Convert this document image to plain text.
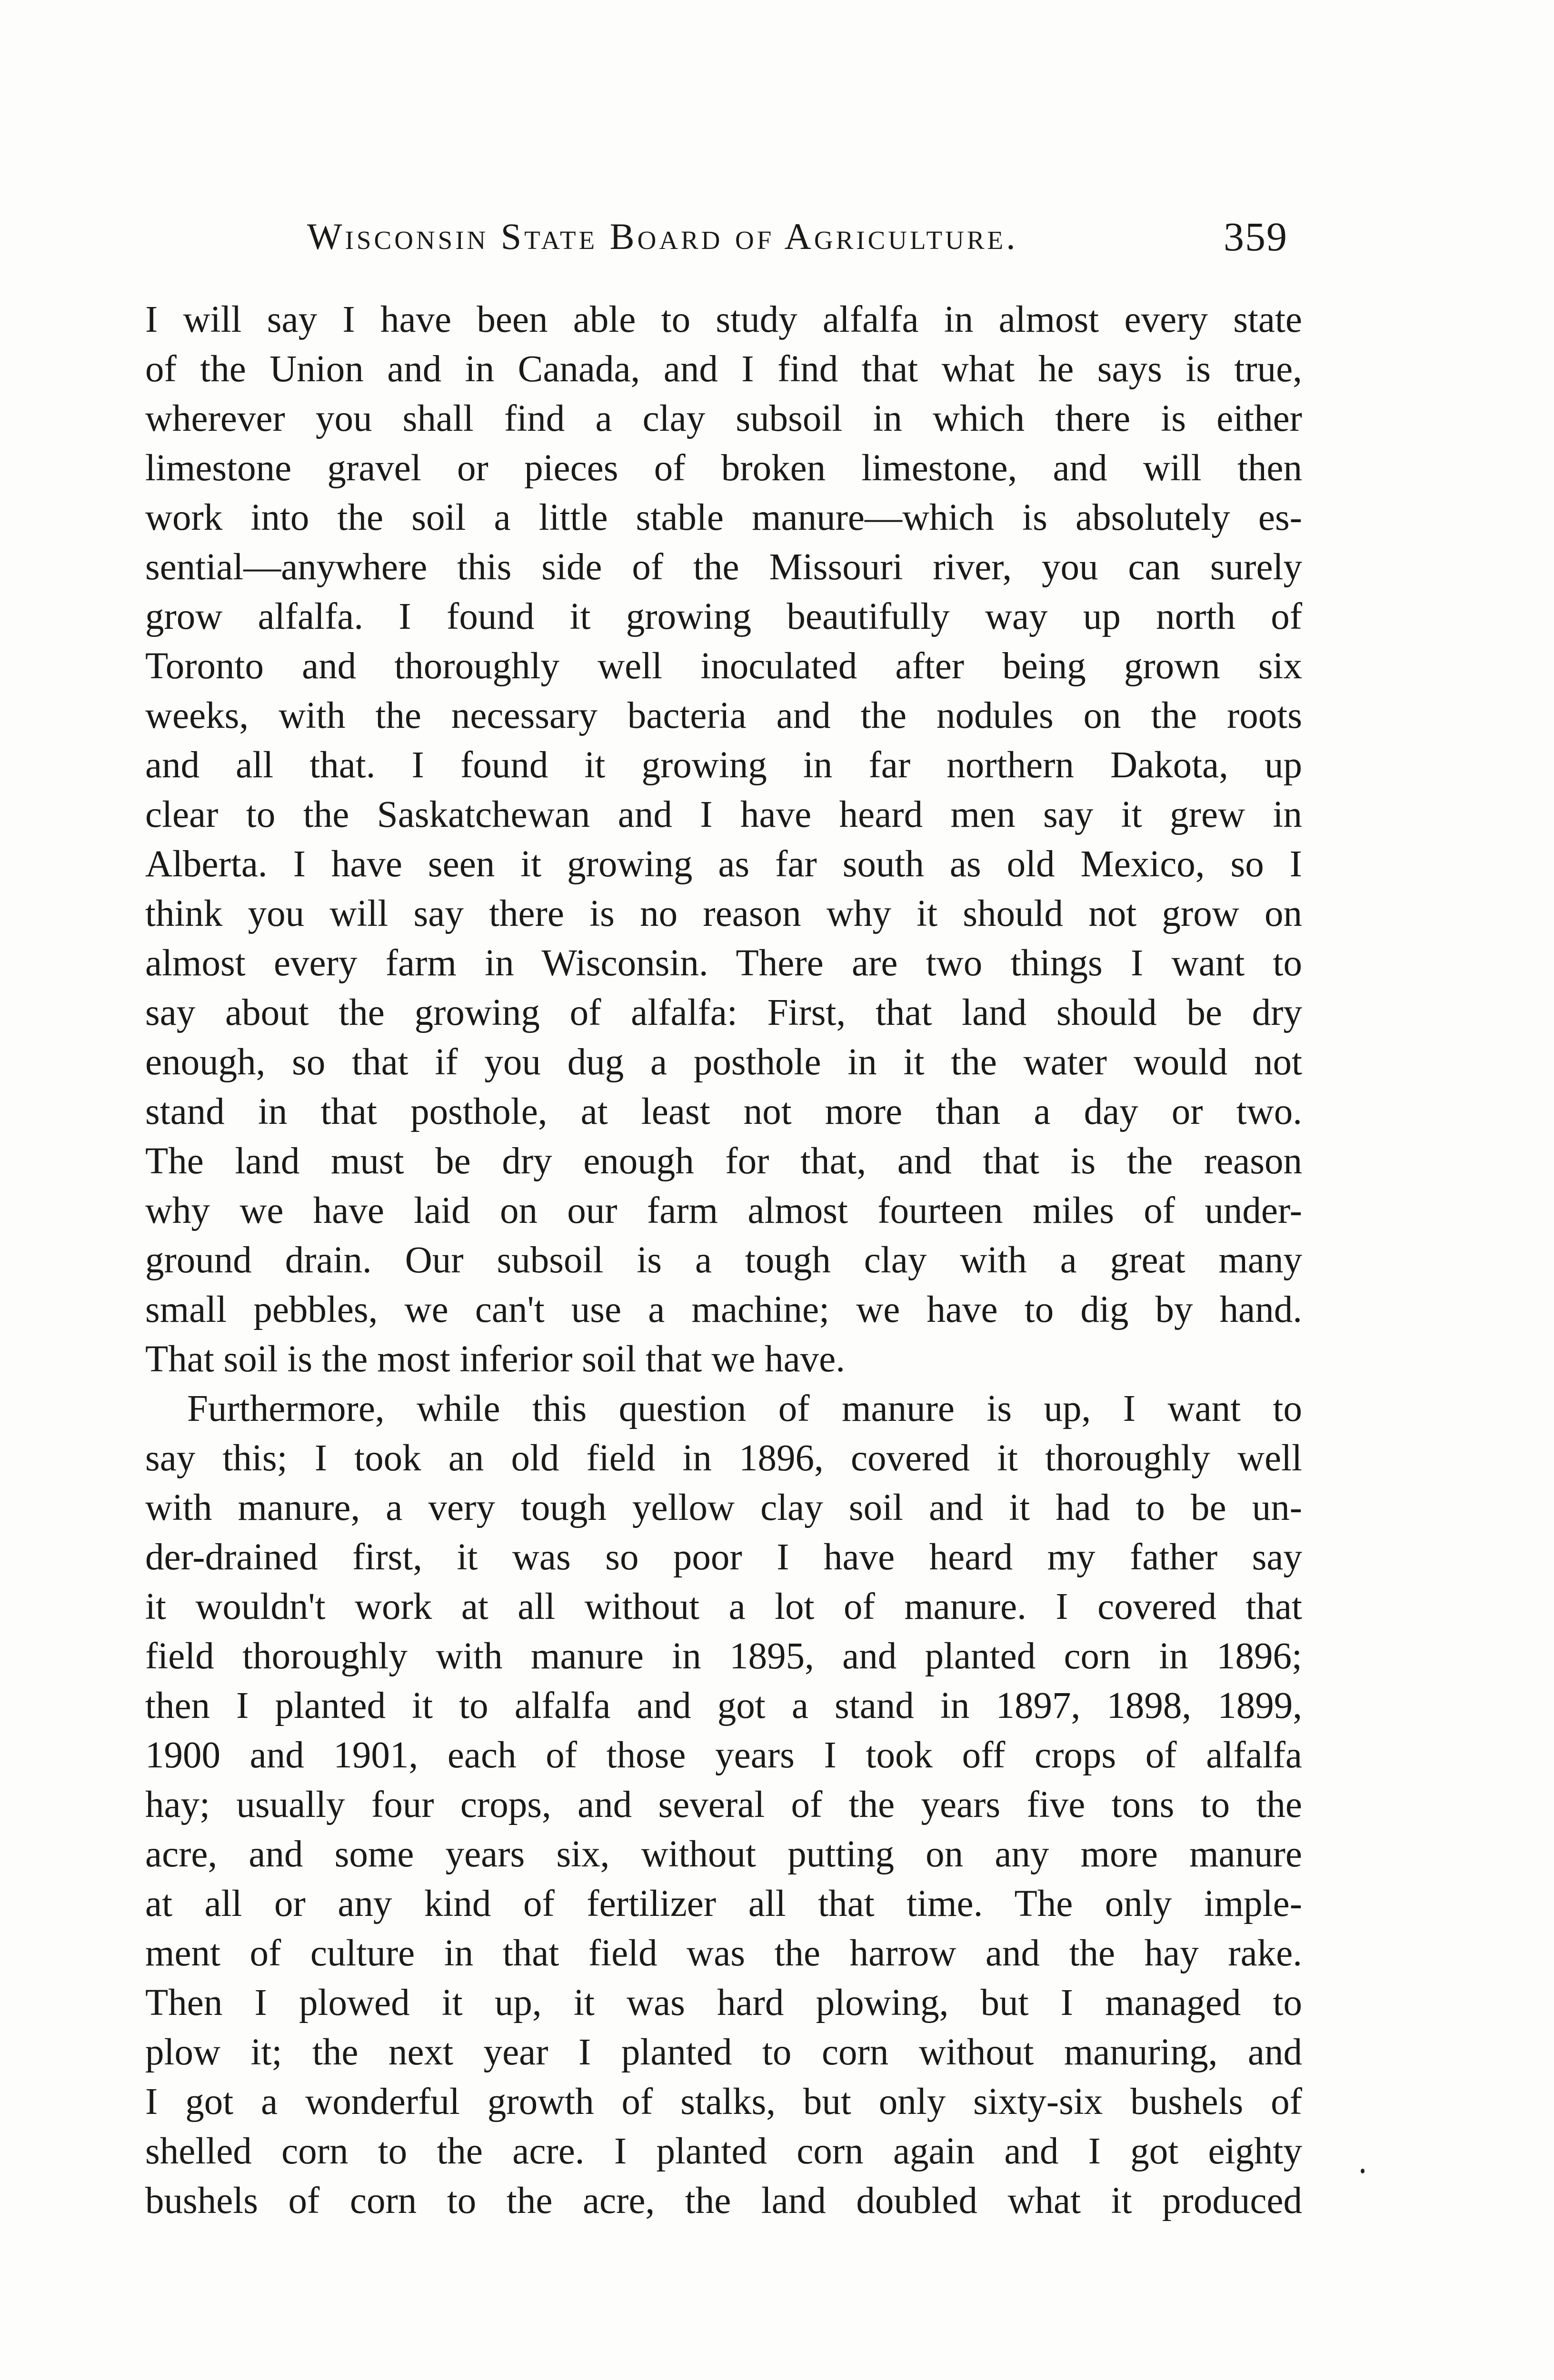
Wisconsin State Board of Agriculture.	359
I will say I have been able to study alfalfa in almost every state
of the Union and in Canada, and I find that what he says is true,
wherever you shall find a clay subsoil in which there is either
limestone gravel or pieces of broken limestone, and will then
work into the soil a little stable manure—which is absolutely es-
sential—anywhere this side of the Missouri river, you can surely
grow alfalfa. I found it growing beautifully way up north of
Toronto and thoroughly well inoculated after being grown six
weeks, with the necessary bacteria and the nodules on the roots
and all that. I found it growing in far northern Dakota, up
clear to the Saskatchewan and I have heard men say it grew in
Alberta. I have seen it growing as far south as old Mexico, so I
think you will say there is no reason why it should not grow on
almost every farm in Wisconsin. There are two things I want to
say about the growing of alfalfa: First, that land should be dry
enough, so that if you dug a posthole in it the water would not
stand in that posthole, at least not more than a day or two.
The land must be dry enough for that, and that is the reason
why we have laid on our farm almost fourteen miles of under-
ground drain. Our subsoil is a tough clay with a great many
small pebbles, we can't use a machine; we have to dig by hand.
That soil is the most inferior soil that we have.
Furthermore, while this question of manure is up, I want to
say this; I took an old field in 1896, covered it thoroughly well
with manure, a very tough yellow clay soil and it had to be un-
der-drained first, it was so poor I have heard my father say
it wouldn't work at all without a lot of manure. I covered that
field thoroughly with manure in 1895, and planted corn in 1896;
then I planted it to alfalfa and got a stand in 1897, 1898, 1899,
1900 and 1901, each of those years I took off crops of alfalfa
hay; usually four crops, and several of the years five tons to the
acre, and some years six, without putting on any more manure
at all or any kind of fertilizer all that time. The only imple-
ment of culture in that field was the harrow and the hay rake.
Then I plowed it up, it was hard plowing, but I managed to
plow it; the next year I planted to corn without manuring, and
I got a wonderful growth of stalks, but only sixty-six bushels of
shelled corn to the acre. I planted corn again and I got eighty
bushels of corn to the acre, the land doubled what it produced
